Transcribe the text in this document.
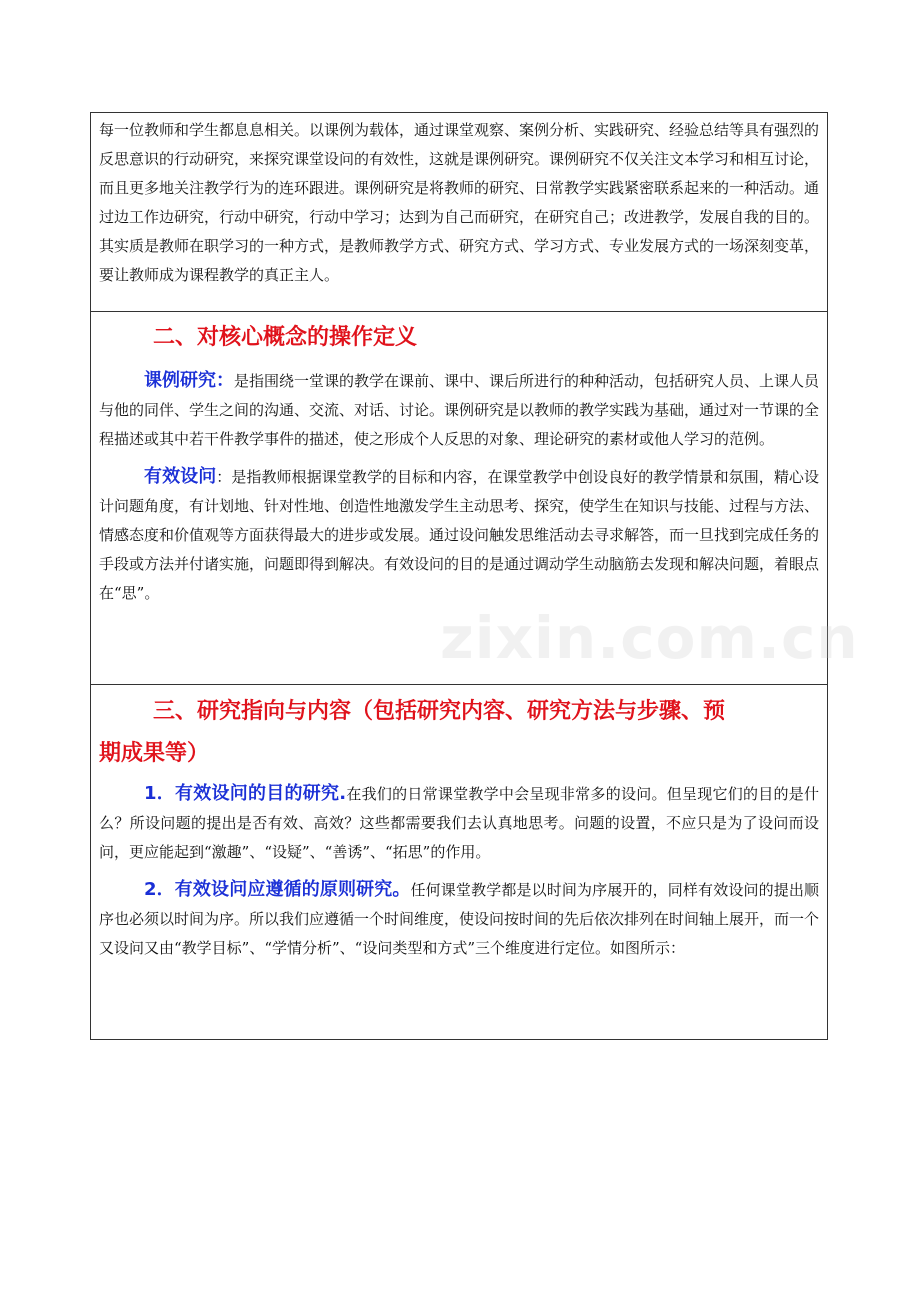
每一位教师和学生都息息相关。以课例为载体，通过课堂观察、案例分析、实践研究、经验总结等具有强烈的反思意识的行动研究，来探究课堂设问的有效性，这就是课例研究。课例研究不仅关注文本学习和相互讨论，而且更多地关注教学行为的连环跟进。课例研究是将教师的研究、日常教学实践紧密联系起来的一种活动。通过边工作边研究，行动中研究，行动中学习；达到为自己而研究，在研究自己；改进教学，发展自我的目的。其实质是教师在职学习的一种方式，是教师教学方式、研究方式、学习方式、专业发展方式的一场深刻变革，要让教师成为课程教学的真正主人。

二、对核心概念的操作定义

课例研究：是指围绕一堂课的教学在课前、课中、课后所进行的种种活动，包括研究人员、上课人员与他的同伴、学生之间的沟通、交流、对话、讨论。课例研究是以教师的教学实践为基础，通过对一节课的全程描述或其中若干件教学事件的描述，使之形成个人反思的对象、理论研究的素材或他人学习的范例。

有效设问：是指教师根据课堂教学的目标和内容，在课堂教学中创设良好的教学情景和氛围，精心设计问题角度，有计划地、针对性地、创造性地激发学生主动思考、探究，使学生在知识与技能、过程与方法、情感态度和价值观等方面获得最大的进步或发展。通过设问触发思维活动去寻求解答，而一旦找到完成任务的手段或方法并付诸实施，问题即得到解决。有效设问的目的是通过调动学生动脑筋去发现和解决问题，着眼点在“思”。

三、研究指向与内容（包括研究内容、研究方法与步骤、预
期成果等）

1．有效设问的目的研究.在我们的日常课堂教学中会呈现非常多的设问。但呈现它们的目的是什么？所设问题的提出是否有效、高效？这些都需要我们去认真地思考。问题的设置，不应只是为了设问而设问，更应能起到“激趣”、“设疑”、“善诱”、“拓思”的作用。

2．有效设问应遵循的原则研究。任何课堂教学都是以时间为序展开的，同样有效设问的提出顺序也必须以时间为序。所以我们应遵循一个时间维度，使设问按时间的先后依次排列在时间轴上展开，而一个又设问又由“教学目标”、“学情分析”、“设问类型和方式”三个维度进行定位。如图所示：

zixin.com.cn
